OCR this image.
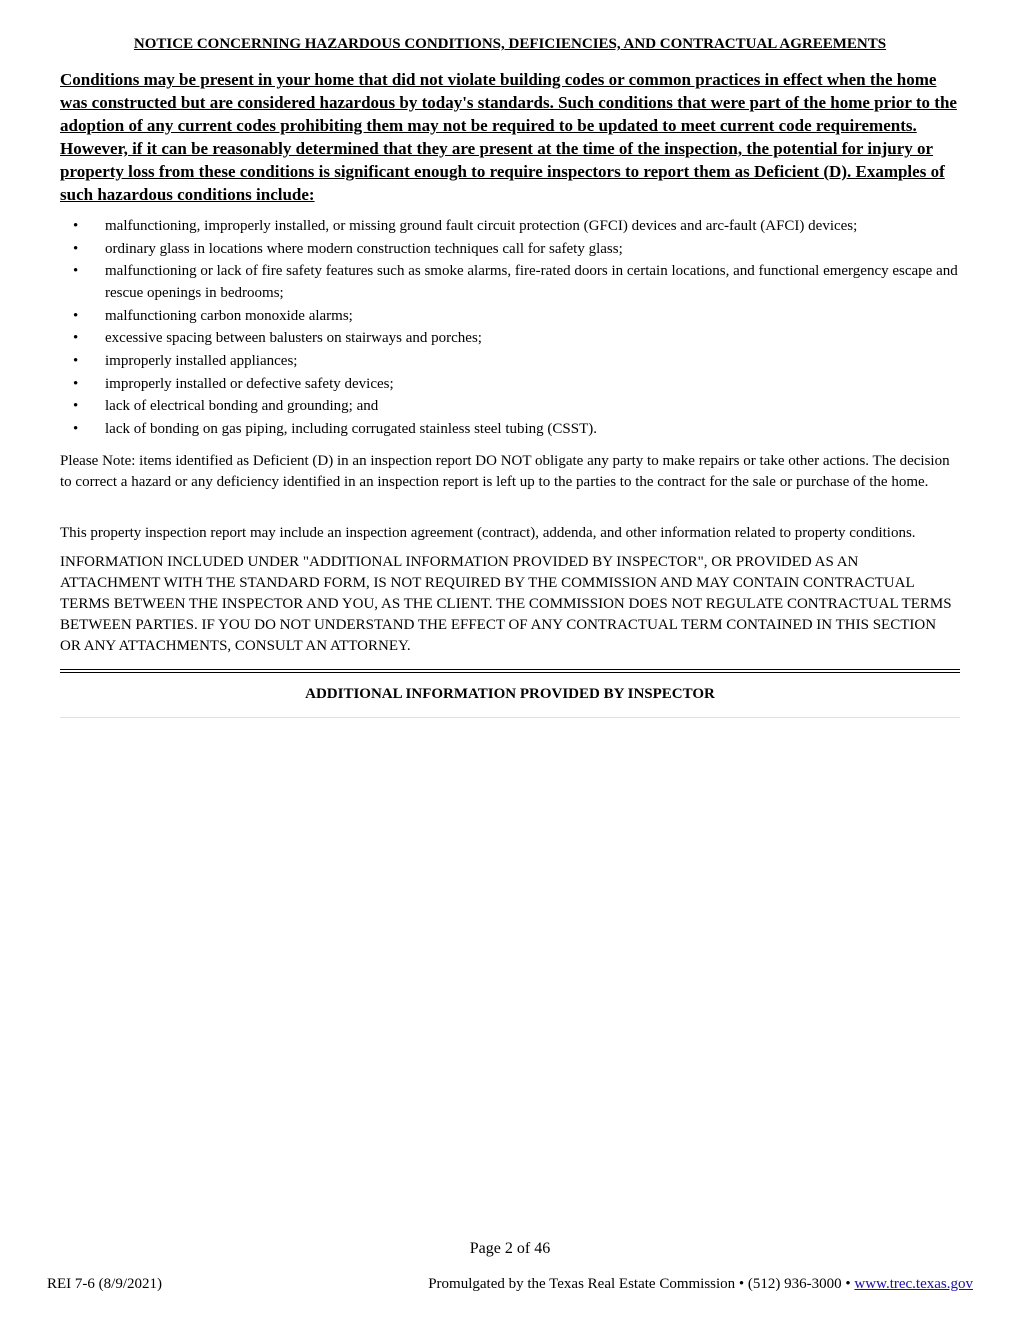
NOTICE CONCERNING HAZARDOUS CONDITIONS, DEFICIENCIES, AND CONTRACTUAL AGREEMENTS

Conditions may be present in your home that did not violate building codes or common practices in effect when the home was constructed but are considered hazardous by today's standards. Such conditions that were part of the home prior to the adoption of any current codes prohibiting them may not be required to be updated to meet current code requirements. However, if it can be reasonably determined that they are present at the time of the inspection, the potential for injury or property loss from these conditions is significant enough to require inspectors to report them as Deficient (D). Examples of such hazardous conditions include:

• malfunctioning, improperly installed, or missing ground fault circuit protection (GFCI) devices and arc-fault (AFCI) devices;
• ordinary glass in locations where modern construction techniques call for safety glass;
• malfunctioning or lack of fire safety features such as smoke alarms, fire-rated doors in certain locations, and functional emergency escape and rescue openings in bedrooms;
• malfunctioning carbon monoxide alarms;
• excessive spacing between balusters on stairways and porches;
• improperly installed appliances;
• improperly installed or defective safety devices;
• lack of electrical bonding and grounding; and
• lack of bonding on gas piping, including corrugated stainless steel tubing (CSST).

Please Note: items identified as Deficient (D) in an inspection report DO NOT obligate any party to make repairs or take other actions. The decision to correct a hazard or any deficiency identified in an inspection report is left up to the parties to the contract for the sale or purchase of the home.

This property inspection report may include an inspection agreement (contract), addenda, and other information related to property conditions.

INFORMATION INCLUDED UNDER "ADDITIONAL INFORMATION PROVIDED BY INSPECTOR", OR PROVIDED AS AN ATTACHMENT WITH THE STANDARD FORM, IS NOT REQUIRED BY THE COMMISSION AND MAY CONTAIN CONTRACTUAL TERMS BETWEEN THE INSPECTOR AND YOU, AS THE CLIENT. THE COMMISSION DOES NOT REGULATE CONTRACTUAL TERMS BETWEEN PARTIES. IF YOU DO NOT UNDERSTAND THE EFFECT OF ANY CONTRACTUAL TERM CONTAINED IN THIS SECTION OR ANY ATTACHMENTS, CONSULT AN ATTORNEY.

ADDITIONAL INFORMATION PROVIDED BY INSPECTOR
Page 2 of 46
REI 7-6 (8/9/2021)	Promulgated by the Texas Real Estate Commission • (512) 936-3000 • www.trec.texas.gov
